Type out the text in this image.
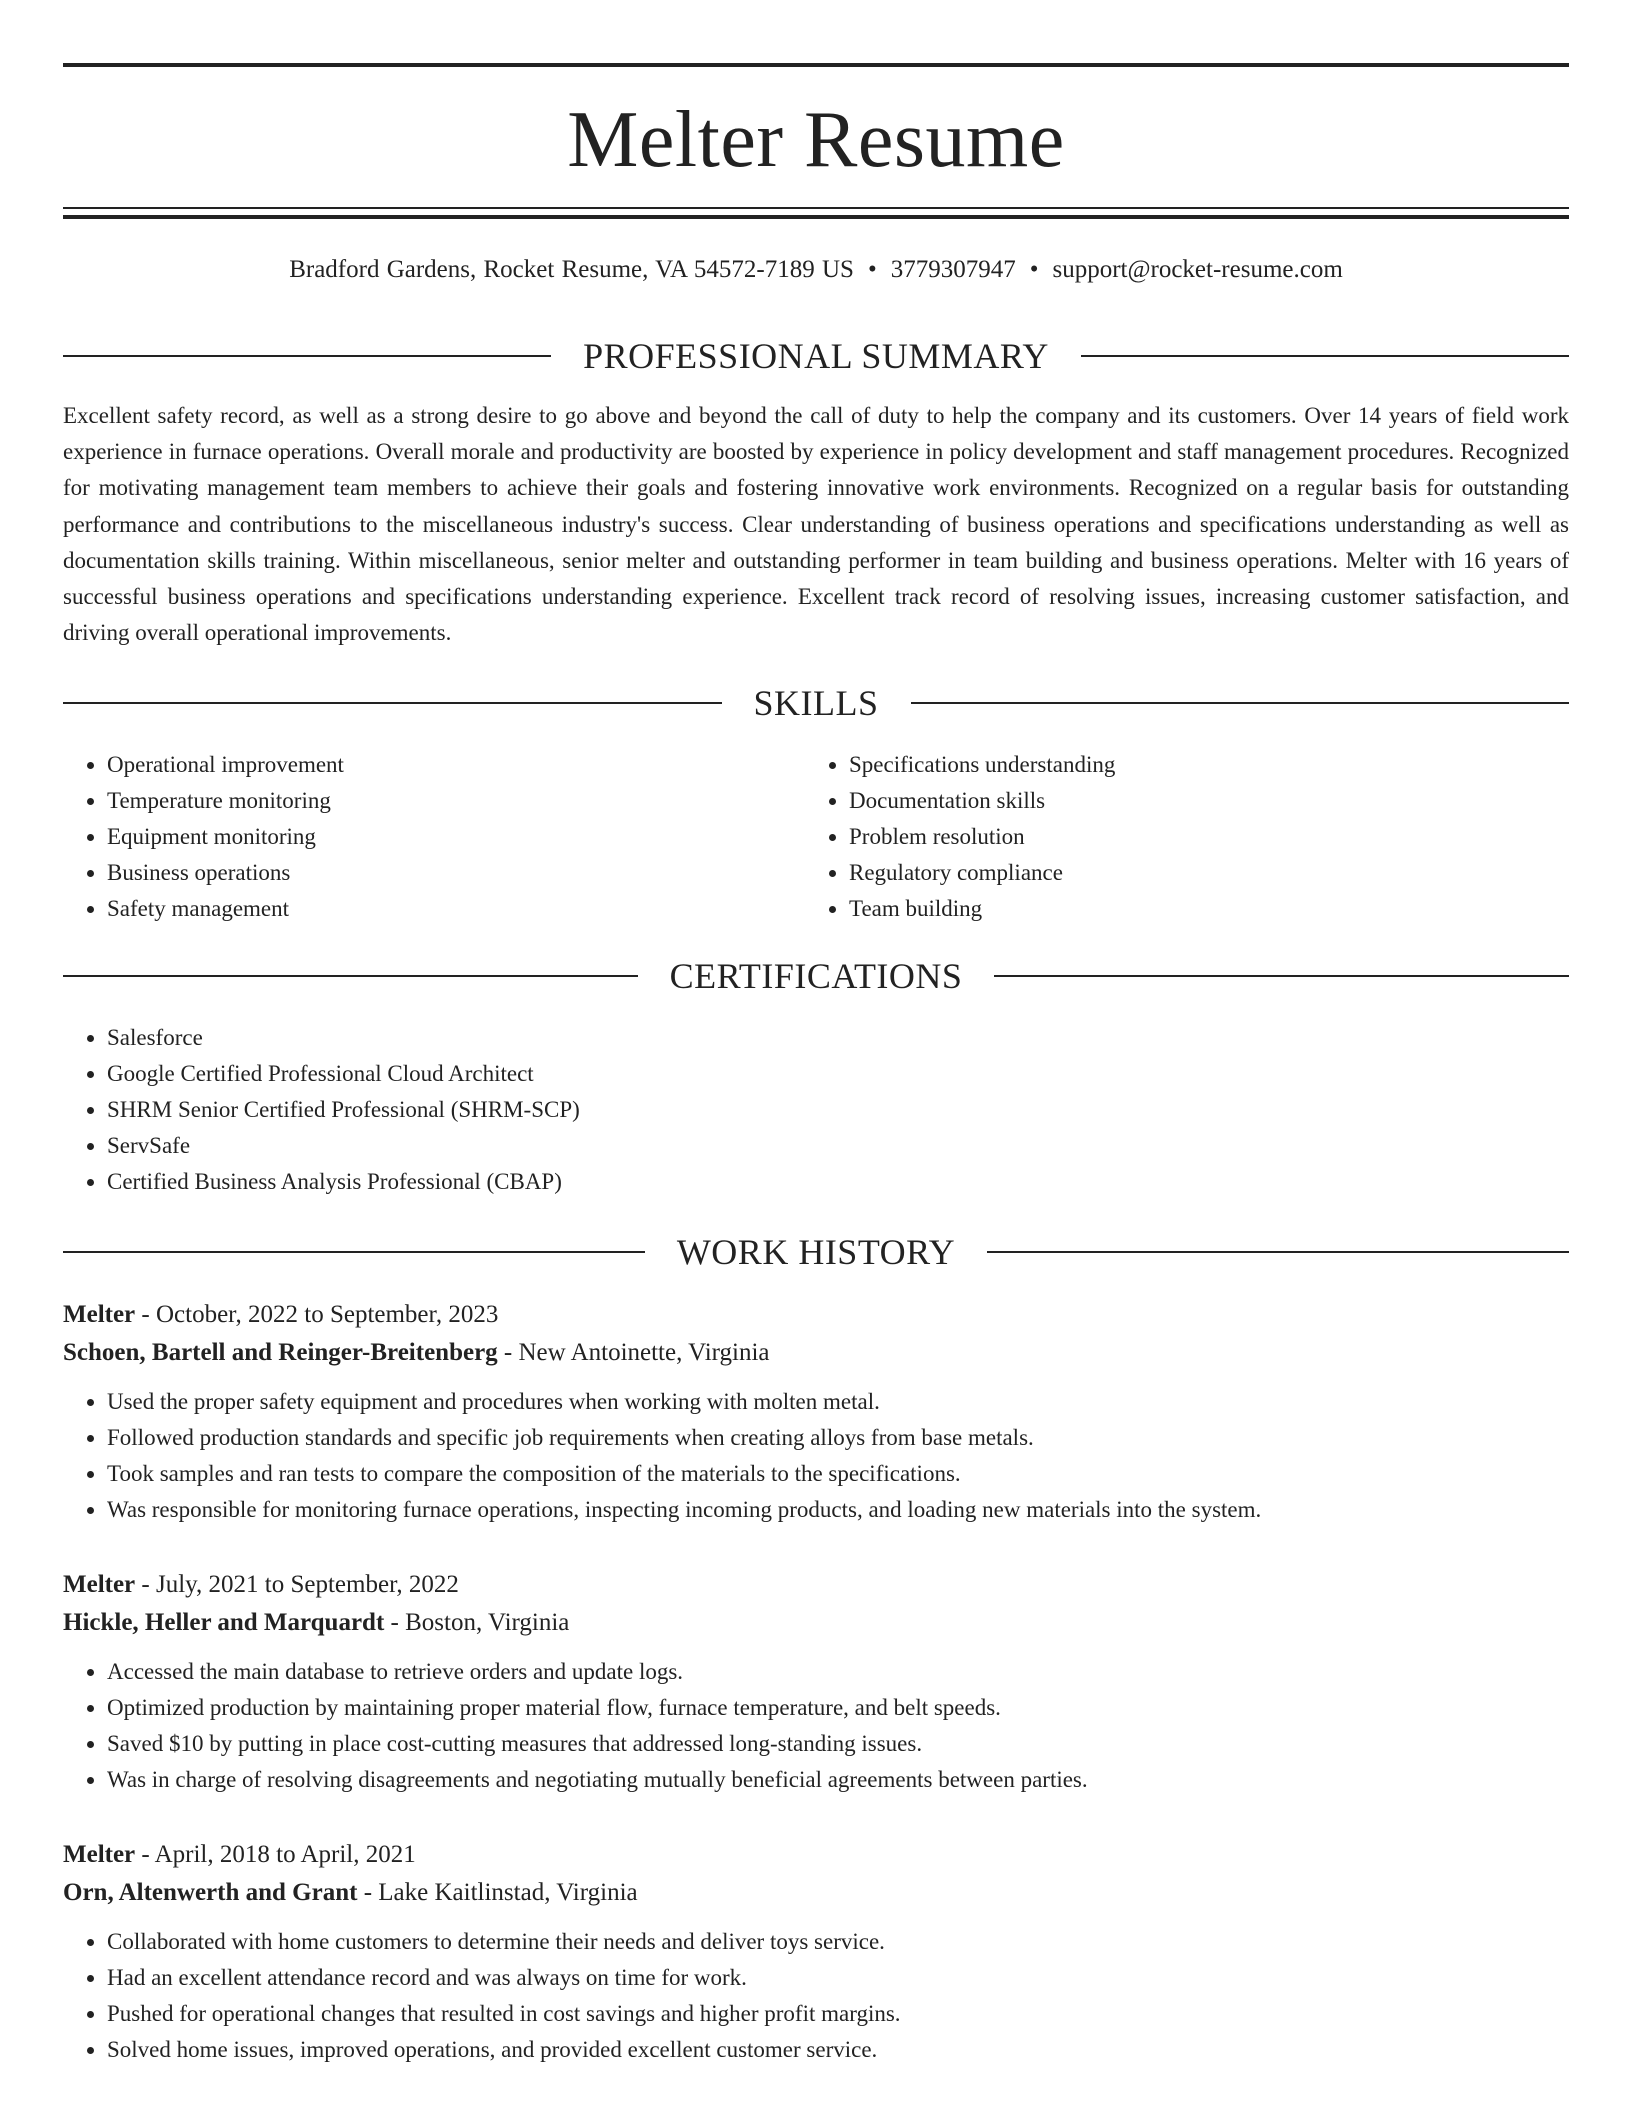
Melter Resume
Bradford Gardens, Rocket Resume, VA 54572-7189 US • 3779307947 • support@rocket-resume.com
PROFESSIONAL SUMMARY
Excellent safety record, as well as a strong desire to go above and beyond the call of duty to help the company and its customers. Over 14 years of field work experience in furnace operations. Overall morale and productivity are boosted by experience in policy development and staff management procedures. Recognized for motivating management team members to achieve their goals and fostering innovative work environments. Recognized on a regular basis for outstanding performance and contributions to the miscellaneous industry's success. Clear understanding of business operations and specifications understanding as well as documentation skills training. Within miscellaneous, senior melter and outstanding performer in team building and business operations. Melter with 16 years of successful business operations and specifications understanding experience. Excellent track record of resolving issues, increasing customer satisfaction, and driving overall operational improvements.
SKILLS
• Operational improvement
• Temperature monitoring
• Equipment monitoring
• Business operations
• Safety management
• Specifications understanding
• Documentation skills
• Problem resolution
• Regulatory compliance
• Team building
CERTIFICATIONS
• Salesforce
• Google Certified Professional Cloud Architect
• SHRM Senior Certified Professional (SHRM-SCP)
• ServSafe
• Certified Business Analysis Professional (CBAP)
WORK HISTORY
Melter - October, 2022 to September, 2023
Schoen, Bartell and Reinger-Breitenberg - New Antoinette, Virginia
• Used the proper safety equipment and procedures when working with molten metal.
• Followed production standards and specific job requirements when creating alloys from base metals.
• Took samples and ran tests to compare the composition of the materials to the specifications.
• Was responsible for monitoring furnace operations, inspecting incoming products, and loading new materials into the system.
Melter - July, 2021 to September, 2022
Hickle, Heller and Marquardt - Boston, Virginia
• Accessed the main database to retrieve orders and update logs.
• Optimized production by maintaining proper material flow, furnace temperature, and belt speeds.
• Saved $10 by putting in place cost-cutting measures that addressed long-standing issues.
• Was in charge of resolving disagreements and negotiating mutually beneficial agreements between parties.
Melter - April, 2018 to April, 2021
Orn, Altenwerth and Grant - Lake Kaitlinstad, Virginia
• Collaborated with home customers to determine their needs and deliver toys service.
• Had an excellent attendance record and was always on time for work.
• Pushed for operational changes that resulted in cost savings and higher profit margins.
• Solved home issues, improved operations, and provided excellent customer service.
